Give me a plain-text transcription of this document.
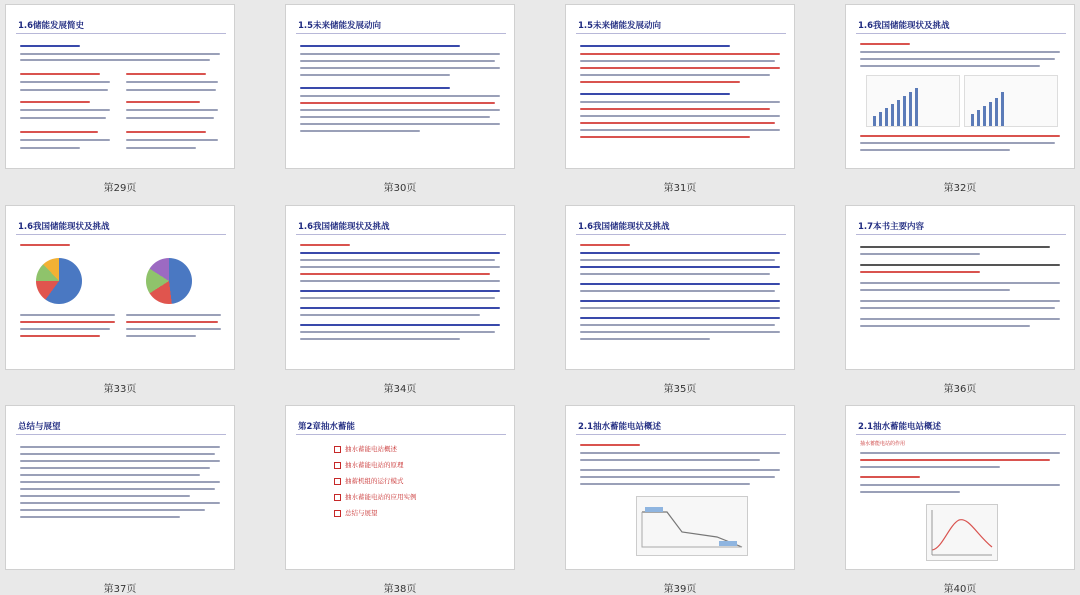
1.6储能发展简史
第29页
1.5未来储能发展动向
第30页
1.5未来储能发展动向
第31页
1.6我国储能现状及挑战
第32页
1.6我国储能现状及挑战
第33页
1.6我国储能现状及挑战
第34页
1.6我国储能现状及挑战
第35页
1.7本书主要内容
第36页
总结与展望
第37页
第2章抽水蓄能
抽水蓄能电站概述
抽水蓄能电站的原理
抽蓄机组的运行模式
抽水蓄能电站的应用实例
总结与展望
第38页
2.1抽水蓄能电站概述
第39页
2.1抽水蓄能电站概述
抽水蓄能电站的作用
第40页
